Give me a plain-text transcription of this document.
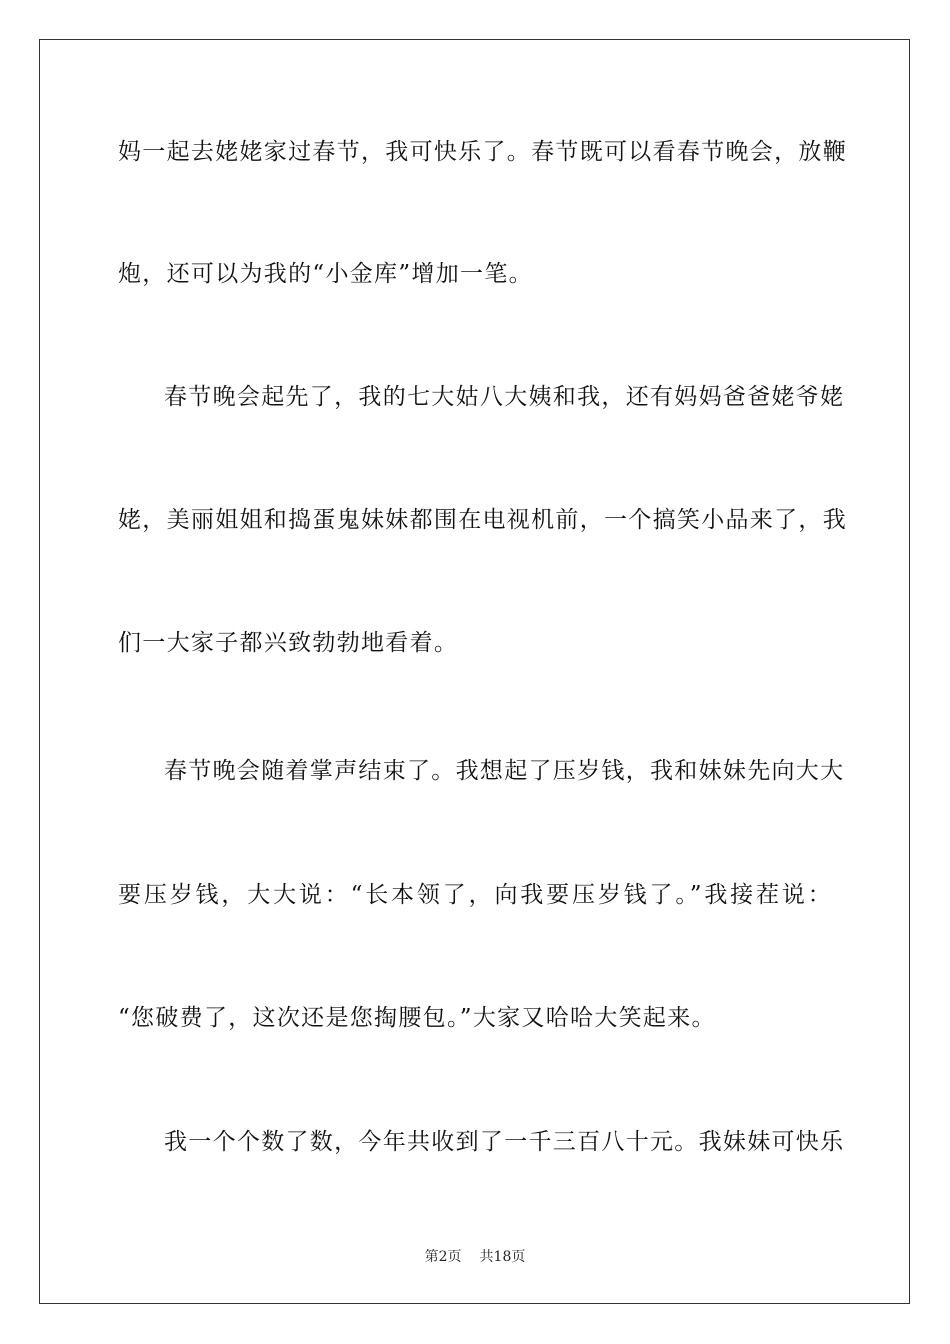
妈一起去姥姥家过春节，我可快乐了。春节既可以看春节晚会，放鞭
炮，还可以为我的“小金库”增加一笔。
春节晚会起先了，我的七大姑八大姨和我，还有妈妈爸爸姥爷姥
姥，美丽姐姐和捣蛋鬼妹妹都围在电视机前，一个搞笑小品来了，我
们一大家子都兴致勃勃地看着。
春节晚会随着掌声结束了。我想起了压岁钱，我和妹妹先向大大
要压岁钱，大大说：“长本领了，向我要压岁钱了。”我接茬说：
“您破费了，这次还是您掏腰包。”大家又哈哈大笑起来。
我一个个数了数，今年共收到了一千三百八十元。我妹妹可快乐
第2页 共18页
